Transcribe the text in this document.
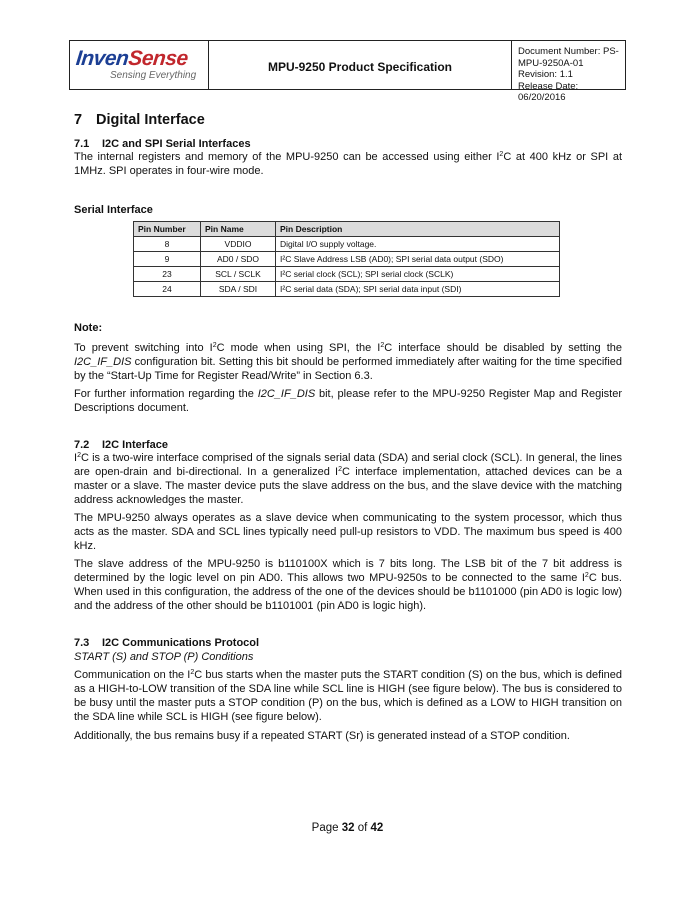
InvenSense
Sensing Everything
MPU-9250 Product Specification
Document Number: PS-MPU-9250A-01
Revision: 1.1
Release Date: 06/20/2016
7 Digital Interface
7.1 I2C and SPI Serial Interfaces
The internal registers and memory of the MPU-9250 can be accessed using either $I^2C$ at 400 kHz or SPI at 1MHz. SPI operates in four-wire mode.
Serial Interface
Note:
To prevent switching into $I^2C$ mode when using SPI, the $I^2C$ interface should be disabled by setting the I2C_IF_DIS configuration bit. Setting this bit should be performed immediately after waiting for the time specified by the “Start-Up Time for Register Read/Write” in Section 6.3.
For further information regarding the I2C_IF_DIS bit, please refer to the MPU-9250 Register Map and Register Descriptions document.
7.2 I2C Interface
$I^2C$ is a two-wire interface comprised of the signals serial data (SDA) and serial clock (SCL). In general, the lines are open-drain and bi-directional. In a generalized $I^2C$ interface implementation, attached devices can be a master or a slave. The master device puts the slave address on the bus, and the slave device with the matching address acknowledges the master.
The MPU-9250 always operates as a slave device when communicating to the system processor, which thus acts as the master. SDA and SCL lines typically need pull-up resistors to VDD. The maximum bus speed is 400 kHz.
The slave address of the MPU-9250 is b110100X which is 7 bits long. The LSB bit of the 7 bit address is determined by the logic level on pin AD0. This allows two MPU-9250s to be connected to the same $I^2C$ bus. When used in this configuration, the address of the one of the devices should be b1101000 (pin AD0 is logic low) and the address of the other should be b1101001 (pin AD0 is logic high).
7.3 I2C Communications Protocol
START (S) and STOP (P) Conditions
Communication on the $I^2C$ bus starts when the master puts the START condition (S) on the bus, which is defined as a HIGH-to-LOW transition of the SDA line while SCL line is HIGH (see figure below). The bus is considered to be busy until the master puts a STOP condition (P) on the bus, which is defined as a LOW to HIGH transition on the SDA line while SCL is HIGH (see figure below).
Additionally, the bus remains busy if a repeated START (Sr) is generated instead of a STOP condition.
Pin Number	Pin Name	Pin Description
8	VDDIO	Digital I/O supply voltage.
9	AD0 / SDO	I²C Slave Address LSB (AD0); SPI serial data output (SDO)
23	SCL / SCLK	I²C serial clock (SCL); SPI serial clock (SCLK)
24	SDA / SDI	I²C serial data (SDA); SPI serial data input (SDI)
Page 32 of 42
